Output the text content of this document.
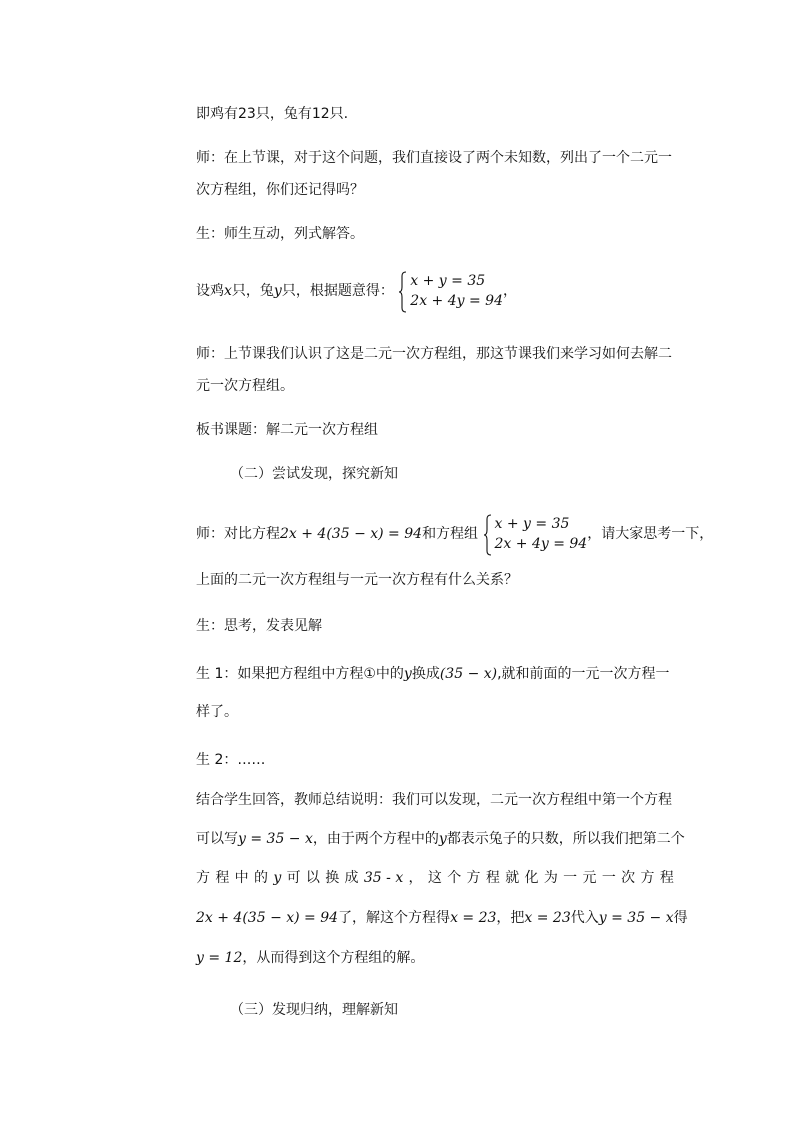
即鸡有23只，兔有12只.
师：在上节课，对于这个问题，我们直接设了两个未知数，列出了一个二元一
次方程组，你们还记得吗？
生：师生互动，列式解答。
设鸡x只，兔y只，根据题意得：
x + y = 35
2x + 4y = 94
，
师：上节课我们认识了这是二元一次方程组，那这节课我们来学习如何去解二
元一次方程组。
板书课题：解二元一次方程组
（二）尝试发现，探究新知
师：对比方程2x + 4(35 − x) = 94和方程组
x + y = 35
2x + 4y = 94
，请大家思考一下，
上面的二元一次方程组与一元一次方程有什么关系？
生：思考，发表见解
生 1：如果把方程组中方程①中的y换成(35 − x),就和前面的一元一次方程一
样了。
生 2：……
结合学生回答，教师总结说明：我们可以发现，二元一次方程组中第一个方程
可以写y = 35 − x，由于两个方程中的y都表示兔子的只数，所以我们把第二个
方 程 中 的 y 可 以 换 成 35 - x ， 这 个 方 程 就 化 为 一 元 一 次 方 程
2x + 4(35 − x) = 94 了，解这个方程得 x = 23 ，把 x = 23 代入 y = 35 − x 得
y = 12，从而得到这个方程组的解。
（三）发现归纳，理解新知
